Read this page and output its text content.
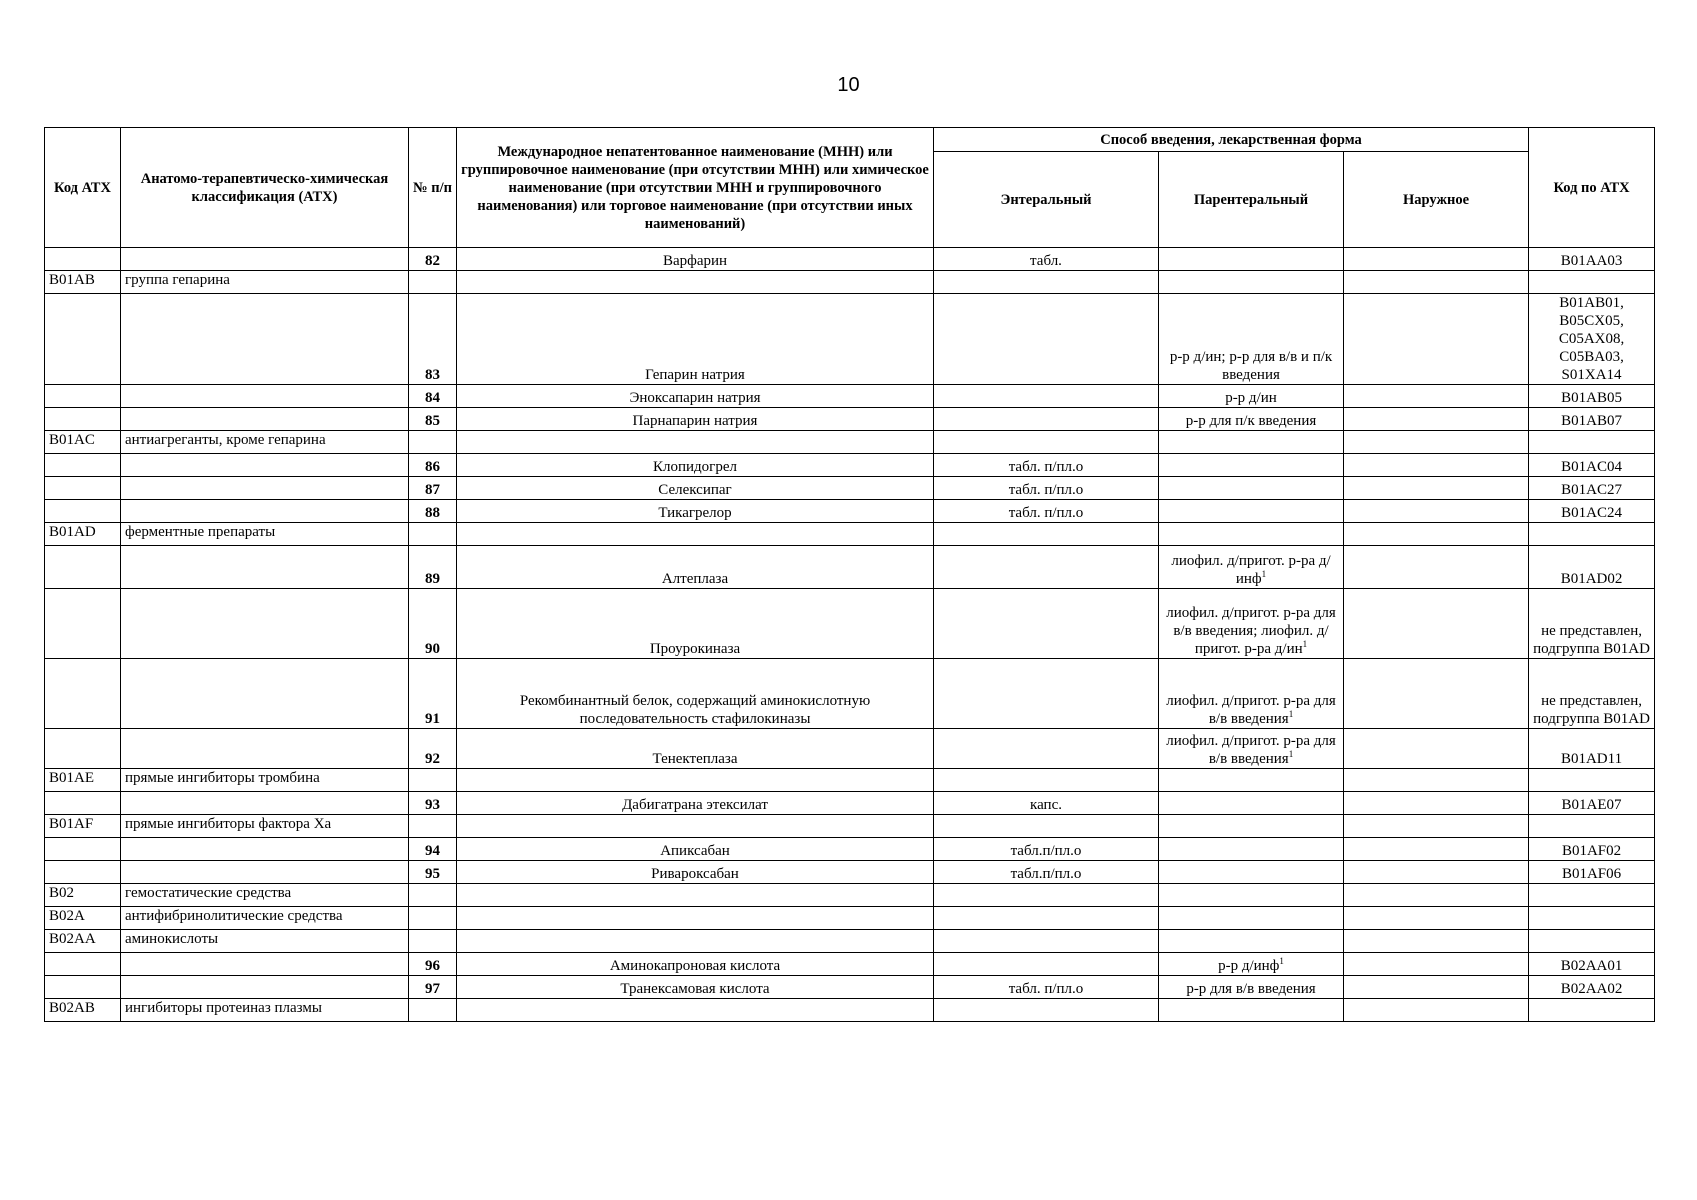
10
Код АТХ	Анатомо-терапевтическо-химическая классификация (АТХ)	№ п/п	Международное непатентованное наименование (МНН) или группировочное наименование (при отсутствии МНН) или химическое наименование (при отсутствии МНН и группировочного наименования) или торговое наименование (при отсутствии иных наименований)	Способ введения, лекарственная форма			Код по АТХ
				Энтеральный	Парентеральный	Наружное	
		82	Варфарин	табл.			B01AA03
B01AB	группа гепарина						
		83	Гепарин натрия		р-р д/ин; р-р для в/в и п/к введения		B01AB01, B05CX05, C05AX08, C05BA03, S01XA14
		84	Эноксапарин натрия		р-р д/ин		B01AB05
		85	Парнапарин натрия		р-р для п/к введения		B01AB07
B01AC	антиагреганты, кроме гепарина						
		86	Клопидогрел	табл. п/пл.о			B01AC04
		87	Селексипаг	табл. п/пл.о			B01AC27
		88	Тикагрелор	табл. п/пл.о			B01AC24
B01AD	ферментные препараты						
		89	Алтеплаза		лиофил. д/пригот. р-ра д/инф$^1$		B01AD02
		90	Проурокиназа		лиофил. д/пригот. р-ра для в/в введения; лиофил. д/пригот. р-ра $д/ин^1$		не представлен, подгруппа B01AD
		91	Рекомбинантный белок, содержащий аминокислотную последовательность стафилокиназы		лиофил. д/пригот. р-ра для в/в введения$^1$		не представлен, подгруппа B01AD
		92	Тенектеплаза		лиофил. д/пригот. р-ра для в/в введения$^1$		B01AD11
B01AE	прямые ингибиторы тромбина						
		93	Дабигатрана этексилат	капс.			B01AE07
B01AF	прямые ингибиторы фактора Ха						
		94	Апиксабан	табл.п/пл.о			B01AF02
		95	Ривароксабан	табл.п/пл.о			B01AF06
B02	гемостатические средства						
B02A	антифибринолитические средства						
B02AA	аминокислоты						
		96	Аминокапроновая кислота		р-р д/инф$^1$		B02AA01
		97	Транексамовая кислота	табл. п/пл.о	р-р для в/в введения		B02AA02
B02AB	ингибиторы протеиназ плазмы						
